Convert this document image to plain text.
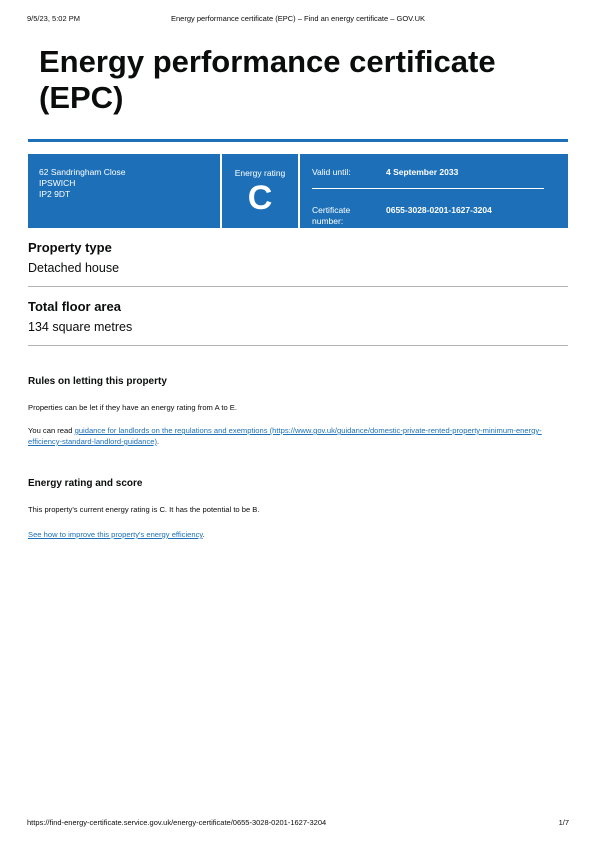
9/5/23, 5:02 PM	Energy performance certificate (EPC) – Find an energy certificate – GOV.UK
Energy performance certificate (EPC)
62 Sandringham Close
IPSWICH
IP2 9DT
Energy rating
C
Valid until:	4 September 2033
Certificate number:
0655-3028-0201-1627-3204
Property type

Detached house

Total floor area

134 square metres

Rules on letting this property

Properties can be let if they have an energy rating from A to E.

You can read guidance for landlords on the regulations and exemptions (https://www.gov.uk/guidance/domestic-private-rented-property-minimum-energy-efficiency-standard-landlord-guidance).

Energy rating and score

This property's current energy rating is C. It has the potential to be B.

See how to improve this property's energy efficiency.

https://find-energy-certificate.service.gov.uk/energy-certificate/0655-3028-0201-1627-3204	1/7
